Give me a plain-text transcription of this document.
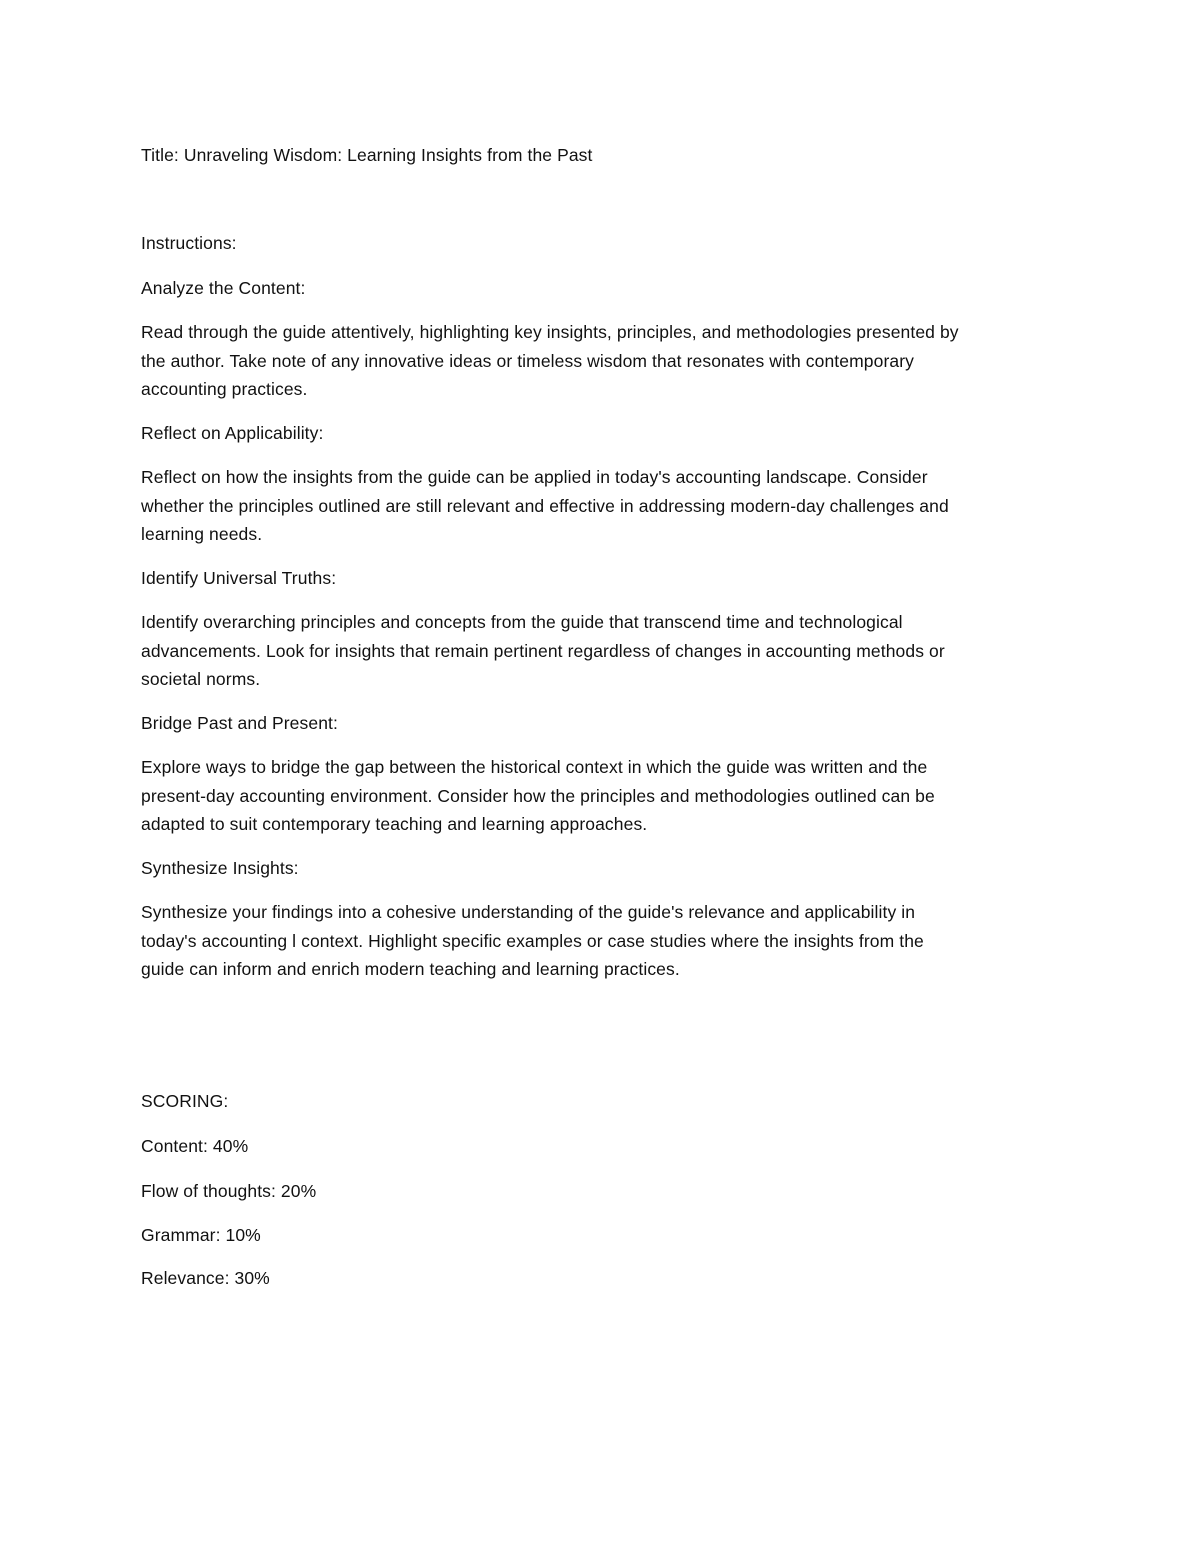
Title: Unraveling Wisdom: Learning Insights from the Past
Instructions:
Analyze the Content:
Read through the guide attentively, highlighting key insights, principles, and methodologies presented by
the author. Take note of any innovative ideas or timeless wisdom that resonates with contemporary
accounting practices.
Reflect on Applicability:
Reflect on how the insights from the guide can be applied in today's accounting landscape. Consider
whether the principles outlined are still relevant and effective in addressing modern-day challenges and
learning needs.
Identify Universal Truths:
Identify overarching principles and concepts from the guide that transcend time and technological
advancements. Look for insights that remain pertinent regardless of changes in accounting methods or
societal norms.
Bridge Past and Present:
Explore ways to bridge the gap between the historical context in which the guide was written and the
present-day accounting environment. Consider how the principles and methodologies outlined can be
adapted to suit contemporary teaching and learning approaches.
Synthesize Insights:
Synthesize your findings into a cohesive understanding of the guide's relevance and applicability in
today's accounting l context. Highlight specific examples or case studies where the insights from the
guide can inform and enrich modern teaching and learning practices.
SCORING:
Content: 40%
Flow of thoughts: 20%
Grammar: 10%
Relevance: 30%
